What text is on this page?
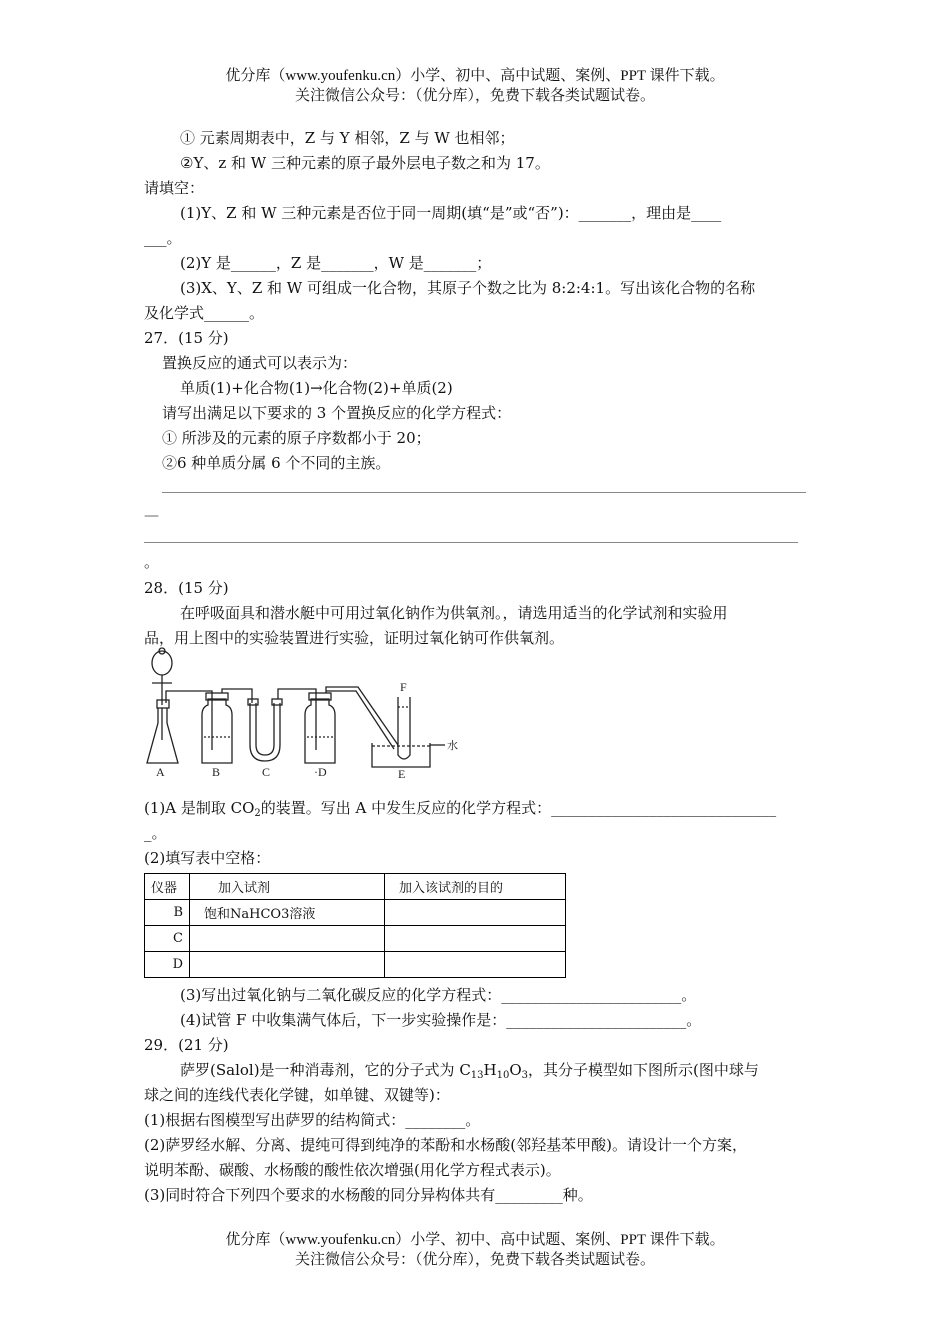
优分库（www.youfenku.cn）小学、初中、高中试题、案例、PPT 课件下载。
关注微信公众号：（优分库），免费下载各类试题试卷。
① 元素周期表中，Z 与 Y 相邻，Z 与 W 也相邻；
②Y、z 和 W 三种元素的原子最外层电子数之和为 17。
请填空：
(1)Y、Z 和 W 三种元素是否位于同一周期(填“是”或“否”)：_______，理由是____
___。
(2)Y 是______，Z 是_______，W 是_______；
(3)X、Y、Z 和 W 可组成一化合物，其原子个数之比为 8:2:4:1。写出该化合物的名称
及化学式______。
27．(15 分)
置换反应的通式可以表示为：
单质(1)+化合物(1)→化合物(2)+单质(2)
请写出满足以下要求的 3 个置换反应的化学方程式：
① 所涉及的元素的原子序数都小于 20；
②6 种单质分属 6 个不同的主族。
—
。
28．(15 分)
在呼吸面具和潜水艇中可用过氧化钠作为供氧剂。，请选用适当的化学试剂和实验用
品，用上图中的实验装置进行实验，证明过氧化钠可作供氧剂。
A	B	C	·D	E
F
水
(1)A 是制取 $CO_2$的装置。写出 A 中发生反应的化学方程式：______________________________
_。
(2)填写表中空格：
仪器	加入试剂	加入该试剂的目的
B	饱和NaHCO3溶液	
C		
D		
(3)写出过氧化钠与二氧化碳反应的化学方程式：________________________。
(4)试管 F 中收集满气体后，下一步实验操作是：________________________。
29．(21 分)
萨罗(Salol)是一种消毒剂，它的分子式为 $C_{13}H_{10}O_3$，其分子模型如下图所示(图中球与
球之间的连线代表化学键，如单键、双键等)：
(1)根据右图模型写出萨罗的结构简式：________。
(2)萨罗经水解、分离、提纯可得到纯净的苯酚和水杨酸(邻羟基苯甲酸)。请设计一个方案，
说明苯酚、碳酸、水杨酸的酸性依次增强(用化学方程式表示)。
(3)同时符合下列四个要求的水杨酸的同分异构体共有_________种。
优分库（www.youfenku.cn）小学、初中、高中试题、案例、PPT 课件下载。
关注微信公众号：（优分库），免费下载各类试题试卷。
